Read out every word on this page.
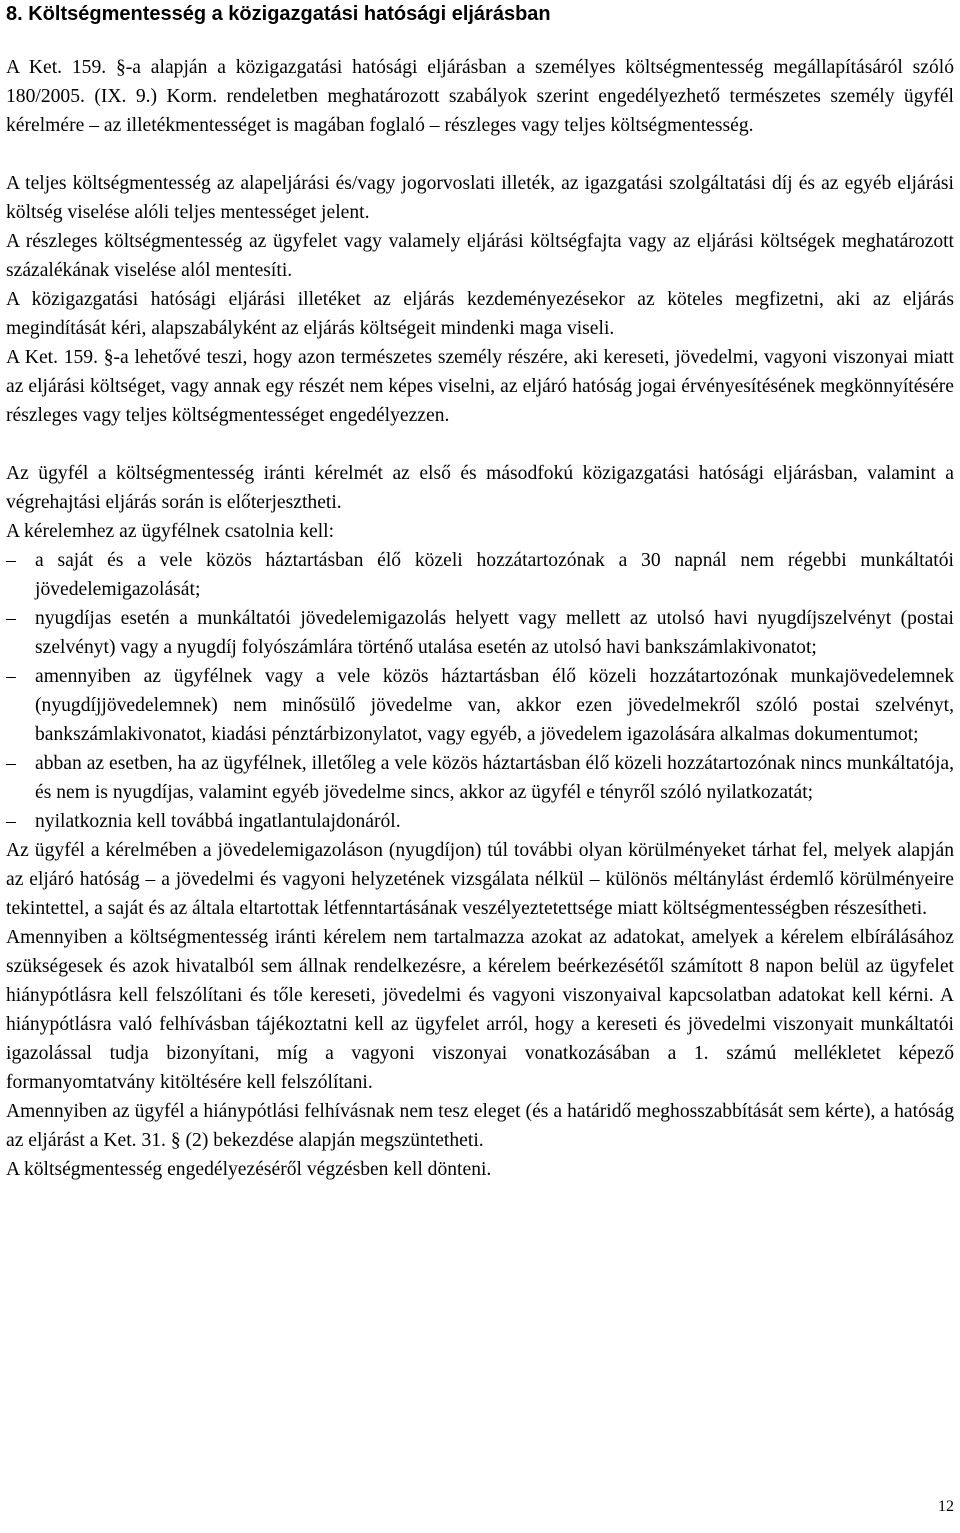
8. Költségmentesség a közigazgatási hatósági eljárásban

A Ket. 159. §-a alapján a közigazgatási hatósági eljárásban a személyes költségmentesség megállapításáról szóló 180/2005. (IX. 9.) Korm. rendeletben meghatározott szabályok szerint engedélyezhető természetes személy ügyfél kérelmére – az illetékmentességet is magában foglaló – részleges vagy teljes költségmentesség.

A teljes költségmentesség az alapeljárási és/vagy jogorvoslati illeték, az igazgatási szolgáltatási díj és az egyéb eljárási költség viselése alóli teljes mentességet jelent.

A részleges költségmentesség az ügyfelet vagy valamely eljárási költségfajta vagy az eljárási költségek meghatározott százalékának viselése alól mentesíti.

A közigazgatási hatósági eljárási illetéket az eljárás kezdeményezésekor az köteles megfizetni, aki az eljárás megindítását kéri, alapszabályként az eljárás költségeit mindenki maga viseli.

A Ket. 159. §-a lehetővé teszi, hogy azon természetes személy részére, aki kereseti, jövedelmi, vagyoni viszonyai miatt az eljárási költséget, vagy annak egy részét nem képes viselni, az eljáró hatóság jogai érvényesítésének megkönnyítésére részleges vagy teljes költségmentességet engedélyezzen.

Az ügyfél a költségmentesség iránti kérelmét az első és másodfokú közigazgatási hatósági eljárásban, valamint a végrehajtási eljárás során is előterjesztheti.

A kérelemhez az ügyfélnek csatolnia kell:

– a saját és a vele közös háztartásban élő közeli hozzátartozónak a 30 napnál nem régebbi munkáltatói jövedelemigazolását;
– nyugdíjas esetén a munkáltatói jövedelemigazolás helyett vagy mellett az utolsó havi nyugdíjszelvényt (postai szelvényt) vagy a nyugdíj folyószámlára történő utalása esetén az utolsó havi bankszámlakivonatot;
– amennyiben az ügyfélnek vagy a vele közös háztartásban élő közeli hozzátartozónak munkajövedelemnek (nyugdíjjövedelemnek) nem minősülő jövedelme van, akkor ezen jövedelmekről szóló postai szelvényt, bankszámlakivonatot, kiadási pénztárbizonylatot, vagy egyéb, a jövedelem igazolására alkalmas dokumentumot;
– abban az esetben, ha az ügyfélnek, illetőleg a vele közös háztartásban élő közeli hozzátartozónak nincs munkáltatója, és nem is nyugdíjas, valamint egyéb jövedelme sincs, akkor az ügyfél e tényről szóló nyilatkozatát;
– nyilatkoznia kell továbbá ingatlantulajdonáról.

Az ügyfél a kérelmében a jövedelemigazoláson (nyugdíjon) túl további olyan körülményeket tárhat fel, melyek alapján az eljáró hatóság – a jövedelmi és vagyoni helyzetének vizsgálata nélkül – különös méltánylást érdemlő körülményeire tekintettel, a saját és az általa eltartottak létfenntartásának veszélyeztetettsége miatt költségmentességben részesítheti.

Amennyiben a költségmentesség iránti kérelem nem tartalmazza azokat az adatokat, amelyek a kérelem elbírálásához szükségesek és azok hivatalból sem állnak rendelkezésre, a kérelem beérkezésétől számított 8 napon belül az ügyfelet hiánypótlásra kell felszólítani és tőle kereseti, jövedelmi és vagyoni viszonyaival kapcsolatban adatokat kell kérni. A hiánypótlásra való felhívásban tájékoztatni kell az ügyfelet arról, hogy a kereseti és jövedelmi viszonyait munkáltatói igazolással tudja bizonyítani, míg a vagyoni viszonyai vonatkozásában a 1. számú mellékletet képező formanyomtatvány kitöltésére kell felszólítani.

Amennyiben az ügyfél a hiánypótlási felhívásnak nem tesz eleget (és a határidő meghosszabbítását sem kérte), a hatóság az eljárást a Ket. 31. § (2) bekezdése alapján megszüntetheti.

A költségmentesség engedélyezéséről végzésben kell dönteni.

12
